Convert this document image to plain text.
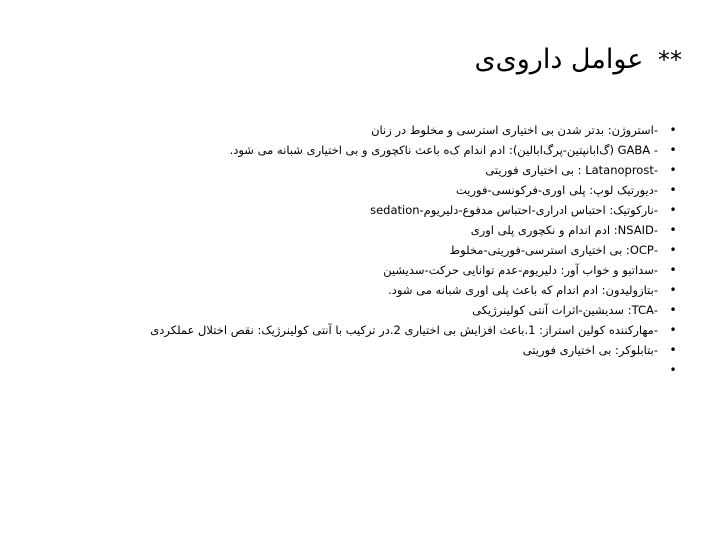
** عوامل داروی‌ی
•
-استروژن: بدتر شدن بی اختیاری استرسی و مخلوط در زنان
•
- GABA (گ‌ابانپتین-پرگ‌ابالین): ادم اندام ک‌ه باعث ناکچوری و بی اختیاری شبانه می شود.
•
-Latanoprost : بی اختیاری فوریتی
•
-دیورتیک لوپ: پلی اوری-فرکونسی-فوریت
•
-نارکوتیک: احتباس ادراری-احتباس مدفوع-دلیریوم-sedation
•
-NSAID: ادم اندام و نکچوری پلی اوری
•
-OCP: بی اختیاری استرسی-فوریتی-مخلوط
•
-سداتیو و خواب آور: دلیریوم-عدم توانایی حرکت-سدیشین
•
-بتازولیدون: ادم اندام که باعث پلی اوری شبانه می شود.
•
-TCA: سدیشین-اثرات آنتی کولینرژیکی
•
-مهارکننده کولین استراز: 1.باعث افزایش بی اختیاری 2.در ترکیب با آنتی کولینرژیک: نقص اختلال عملکردی
•
-بتابلوکر: بی اختیاری فوریتی
•
